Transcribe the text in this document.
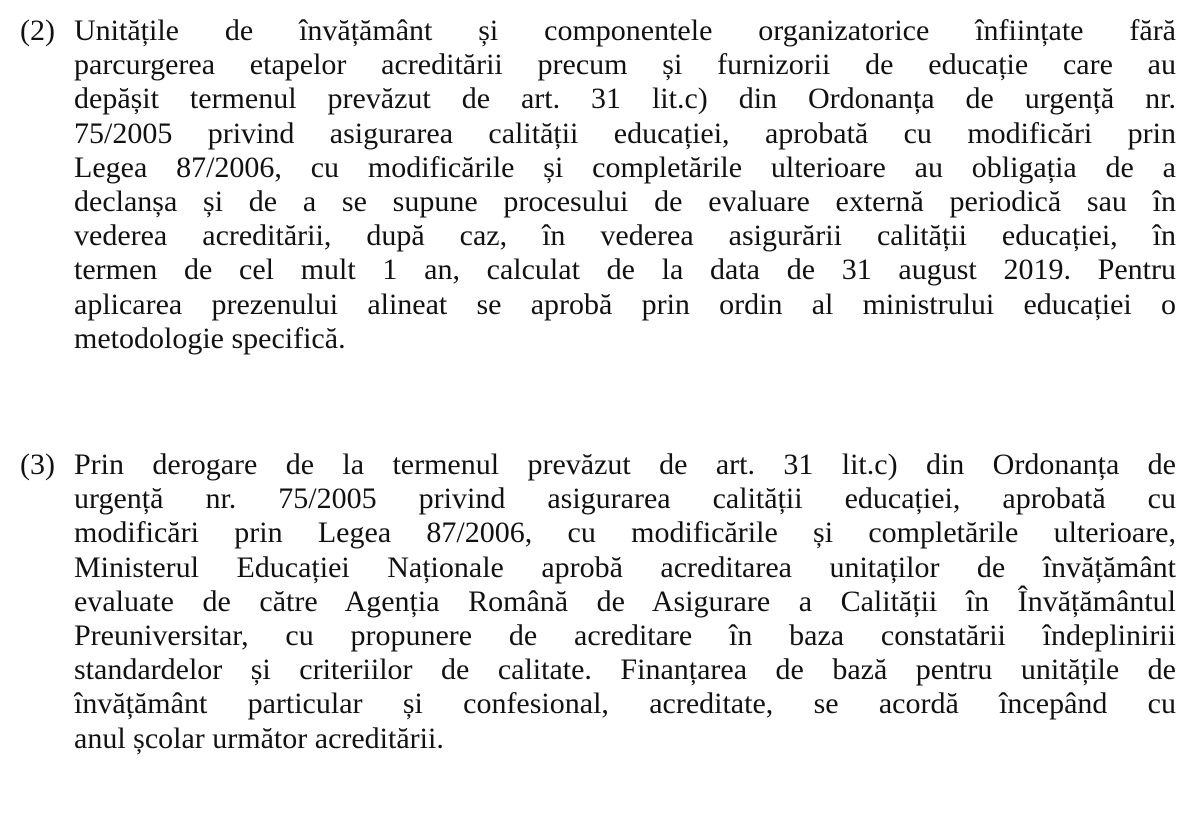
(2) Unitățile de învățământ și componentele organizatorice înființate fără
parcurgerea etapelor acreditării precum și furnizorii de educație care au
depășit termenul prevăzut de art. 31 lit.c) din Ordonanța de urgență nr.
75/2005 privind asigurarea calității educației, aprobată cu modificări prin
Legea 87/2006, cu modificările și completările ulterioare au obligația de a
declanșa și de a se supune procesului de evaluare externă periodică sau în
vederea acreditării, după caz, în vederea asigurării calității educației, în
termen de cel mult 1 an, calculat de la data de 31 august 2019. Pentru
aplicarea prezenului alineat se aprobă prin ordin al ministrului educației o
metodologie specifică.
(3) Prin derogare de la termenul prevăzut de art. 31 lit.c) din Ordonanța de
urgență nr. 75/2005 privind asigurarea calității educației, aprobată cu
modificări prin Legea 87/2006, cu modificările și completările ulterioare,
Ministerul Educației Naționale aprobă acreditarea unitaților de învățământ
evaluate de către Agenția Română de Asigurare a Calității în Învățământul
Preuniversitar, cu propunere de acreditare în baza constatării îndeplinirii
standardelor și criteriilor de calitate. Finanțarea de bază pentru unitățile de
învățământ particular și confesional, acreditate, se acordă începând cu
anul școlar următor acreditării.
